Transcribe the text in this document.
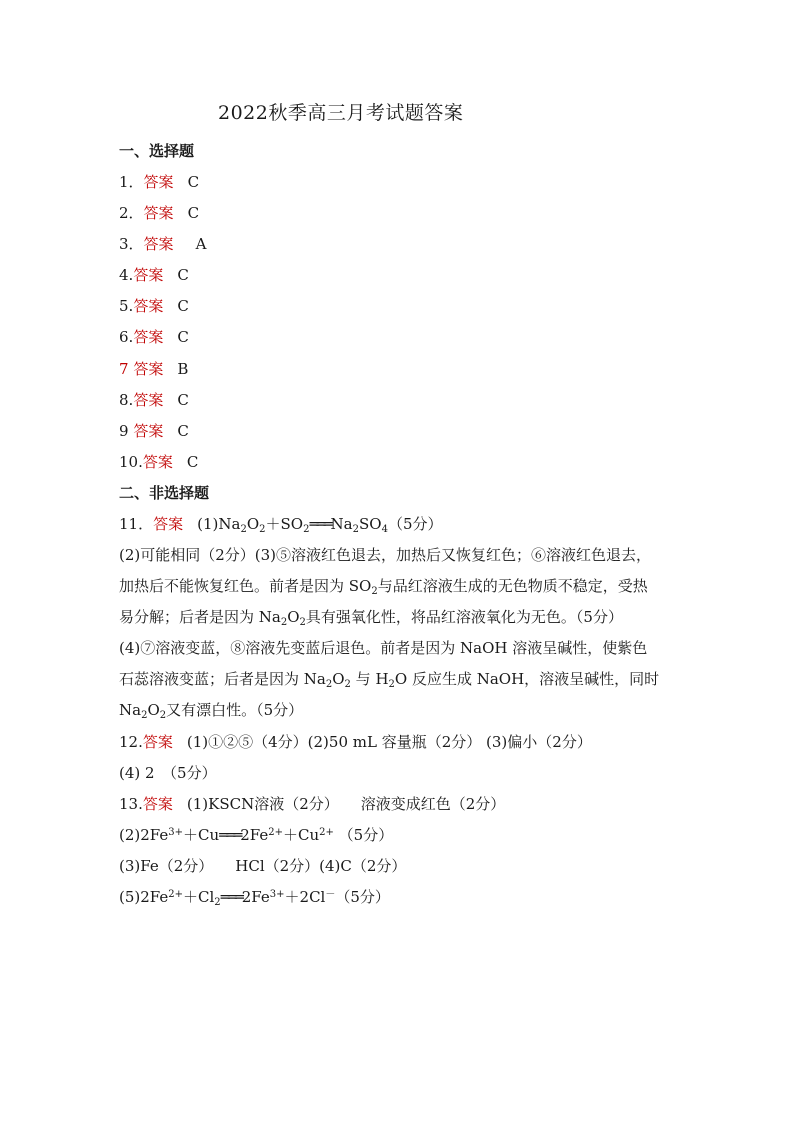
2022秋季高三月考试题答案
一、选择题
1．答案 C
2．答案 C
3．答案 A
4.答案 C
5.答案 C
6.答案 C
7 答案 B
8.答案 C
9 答案 C
10.答案 C
二、非选择题
11．答案 $(1)Na_2O_2+SO_2═══Na_2SO_4(5$分）
(2)可能相同（2分）(3)⑤溶液红色退去，加热后又恢复红色；⑥溶液红色退去，
加热后不能恢复红色。前者是因为 $SO_2$与品红溶液生成的无色物质不稳定，受热
易分解；后者是因为 $Na_2O_2$具有强氧化性，将品红溶液氧化为无色。（5分）
(4)⑦溶液变蓝，⑧溶液先变蓝后退色。前者是因为 NaOH 溶液呈碱性，使紫色
石蕊溶液变蓝；后者是因为 $Na_2O_2$ 与 $H_2O$ 反应生成 NaOH，溶液呈碱性，同时
$Na_2O_2$又有漂白性。（5分）
12.答案 (1)①②⑤（4分）(2)50 mL 容量瓶（2分） (3)偏小（2分）
(4) 2　（5分）
13.答案 (1)KSCN溶液（2分） 溶液变成红色（2分）
$(2)2Fe^{3+}+Cu═══2Fe^{2+}+Cu^{2+}$ （5分）
(3)Fe（2分） HCl（2分）(4)C（2分）
$(5)2Fe^{2+}+Cl_2═══2Fe^{3+}+2Cl^-(5$分）
